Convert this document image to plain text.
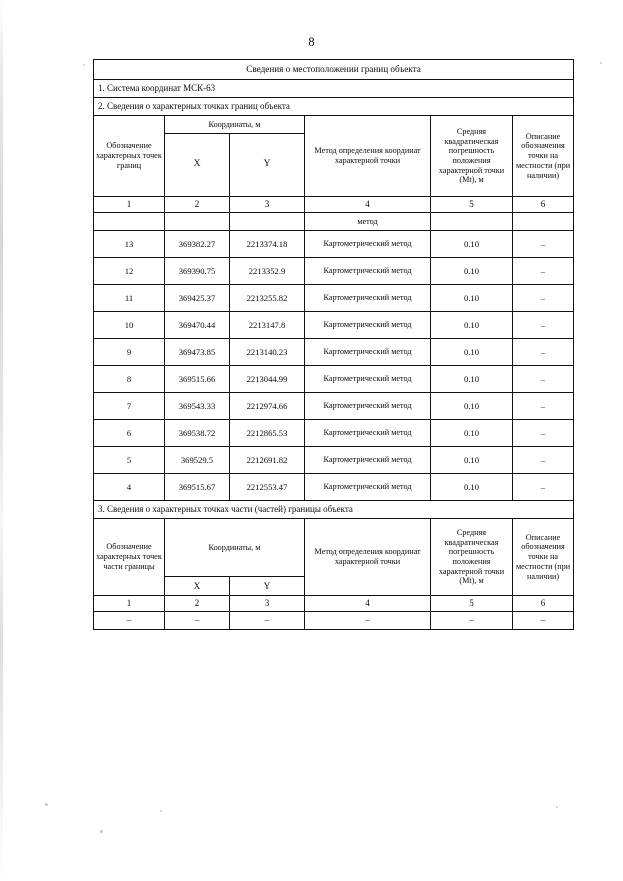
8
Сведения о местоположении границ объекта					
1. Система координат МСК-63					
2. Сведения о характерных точках границ объекта					
Обозначение характерных точек границ	Координаты, м		Метод определения координат характерной точки	Средняя квадратическая погрешность положения характерной точки (Mt), м	Описание обозначения точки на местности (при наличии)
	X	Y			
1	2	3	4	5	6
			метод		
13	369382.27	2213374.18	Картометрический метод	0.10	–
12	369390.75	2213352.9	Картометрический метод	0.10	–
11	369425.37	2213255.82	Картометрический метод	0.10	–
10	369470.44	2213147.8	Картометрический метод	0.10	–
9	369473.85	2213140.23	Картометрический метод	0.10	–
8	369515.66	2213044.99	Картометрический метод	0.10	–
7	369543.33	2212974.66	Картометрический метод	0.10	–
6	369538.72	2212865.53	Картометрический метод	0.10	–
5	369529.5	2212691.82	Картометрический метод	0.10	–
4	369515.67	2212553.47	Картометрический метод	0.10	–
3. Сведения о характерных точках части (частей) границы объекта					
Обозначение характерных точек части границы	Координаты, м		Метод определения координат характерной точки	Средняя квадратическая погрешность положения характерной точки (Mt), м	Описание обозначения точки на местности (при наличии)
	X	Y			
1	2	3	4	5	6
–	–	–	–	–	–
